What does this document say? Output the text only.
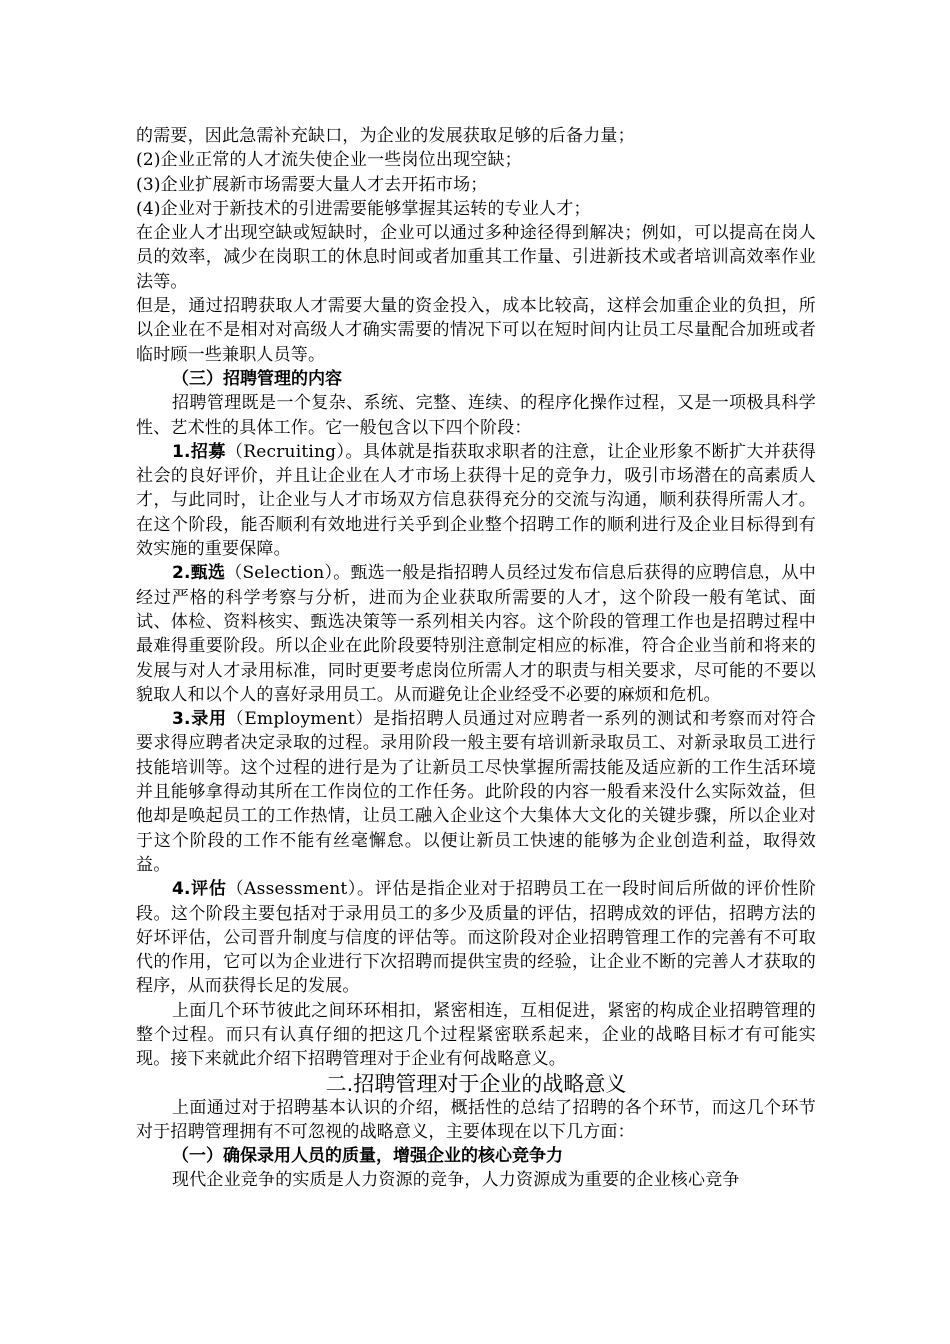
的需要，因此急需补充缺口，为企业的发展获取足够的后备力量；

(2)企业正常的人才流失使企业一些岗位出现空缺；

(3)企业扩展新市场需要大量人才去开拓市场；

(4)企业对于新技术的引进需要能够掌握其运转的专业人才；

在企业人才出现空缺或短缺时，企业可以通过多种途径得到解决；例如，可以提高在岗人员的效率，减少在岗职工的休息时间或者加重其工作量、引进新技术或者培训高效率作业法等。

但是，通过招聘获取人才需要大量的资金投入，成本比较高，这样会加重企业的负担，所以企业在不是相对对高级人才确实需要的情况下可以在短时间内让员工尽量配合加班或者临时顾一些兼职人员等。

（三）招聘管理的内容

招聘管理既是一个复杂、系统、完整、连续、的程序化操作过程，又是一项极具科学性、艺术性的具体工作。它一般包含以下四个阶段：

1.招募（Recruiting）。具体就是指获取求职者的注意，让企业形象不断扩大并获得社会的良好评价，并且让企业在人才市场上获得十足的竞争力，吸引市场潜在的高素质人才，与此同时，让企业与人才市场双方信息获得充分的交流与沟通，顺利获得所需人才。在这个阶段，能否顺利有效地进行关乎到企业整个招聘工作的顺利进行及企业目标得到有效实施的重要保障。

2.甄选（Selection）。甄选一般是指招聘人员经过发布信息后获得的应聘信息，从中经过严格的科学考察与分析，进而为企业获取所需要的人才，这个阶段一般有笔试、面试、体检、资料核实、甄选决策等一系列相关内容。这个阶段的管理工作也是招聘过程中最难得重要阶段。所以企业在此阶段要特别注意制定相应的标准，符合企业当前和将来的发展与对人才录用标准，同时更要考虑岗位所需人才的职责与相关要求，尽可能的不要以貌取人和以个人的喜好录用员工。从而避免让企业经受不必要的麻烦和危机。

3.录用（Employment）是指招聘人员通过对应聘者一系列的测试和考察而对符合要求得应聘者决定录取的过程。录用阶段一般主要有培训新录取员工、对新录取员工进行技能培训等。这个过程的进行是为了让新员工尽快掌握所需技能及适应新的工作生活环境并且能够拿得动其所在工作岗位的工作任务。此阶段的内容一般看来没什么实际效益，但他却是唤起员工的工作热情，让员工融入企业这个大集体大文化的关键步骤，所以企业对于这个阶段的工作不能有丝毫懈怠。以便让新员工快速的能够为企业创造利益，取得效益。

4.评估（Assessment）。评估是指企业对于招聘员工在一段时间后所做的评价性阶段。这个阶段主要包括对于录用员工的多少及质量的评估，招聘成效的评估，招聘方法的好坏评估，公司晋升制度与信度的评估等。而这阶段对企业招聘管理工作的完善有不可取代的作用，它可以为企业进行下次招聘而提供宝贵的经验，让企业不断的完善人才获取的程序，从而获得长足的发展。

上面几个环节彼此之间环环相扣，紧密相连，互相促进，紧密的构成企业招聘管理的整个过程。而只有认真仔细的把这几个过程紧密联系起来，企业的战略目标才有可能实现。接下来就此介绍下招聘管理对于企业有何战略意义。

二.招聘管理对于企业的战略意义

上面通过对于招聘基本认识的介绍，概括性的总结了招聘的各个环节，而这几个环节对于招聘管理拥有不可忽视的战略意义，主要体现在以下几方面：

（一）确保录用人员的质量，增强企业的核心竞争力

现代企业竞争的实质是人力资源的竞争，人力资源成为重要的企业核心竞争
